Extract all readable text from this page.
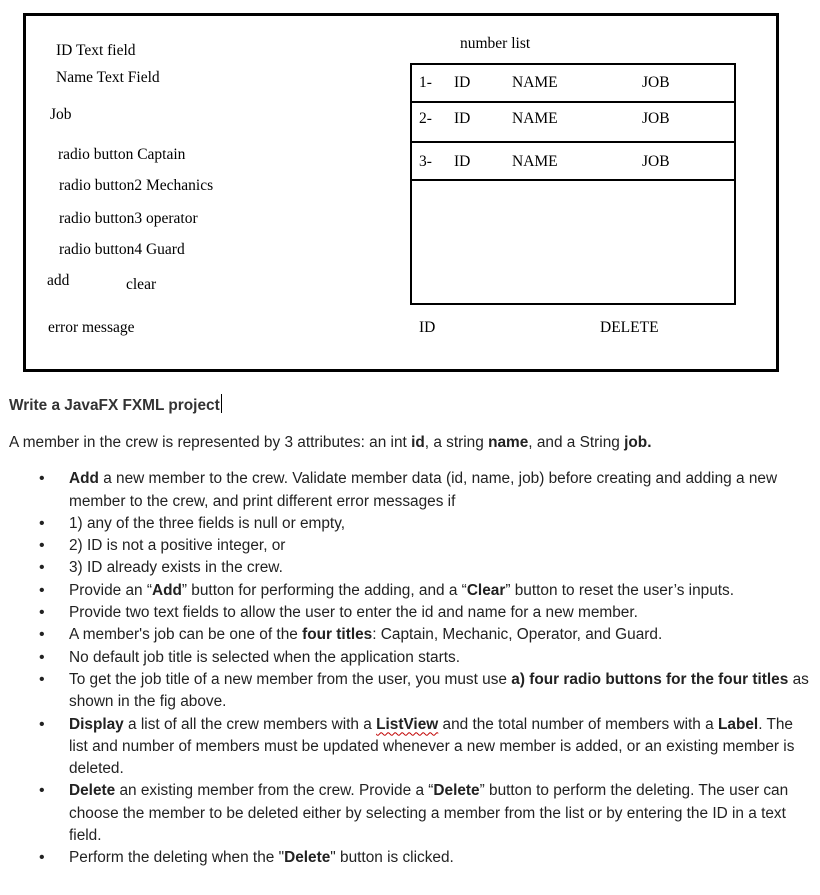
ID Text field
Name Text Field
Job
radio button Captain
radio button2 Mechanics
radio button3 operator
radio button4 Guard
add	clear
error message
number list
1- ID	NAME	JOB
2- ID	NAME	JOB
3- ID	NAME	JOB
ID	DELETE

Write a JavaFX FXML project

A member in the crew is represented by 3 attributes: an int id, a string name, and a String job.

• Add a new member to the crew. Validate member data (id, name, job) before creating and adding a new member to the crew, and print different error messages if
• 1) any of the three fields is null or empty,
• 2) ID is not a positive integer, or
• 3) ID already exists in the crew.
• Provide an “Add” button for performing the adding, and a “Clear” button to reset the user’s inputs.
• Provide two text fields to allow the user to enter the id and name for a new member.
• A member's job can be one of the four titles: Captain, Mechanic, Operator, and Guard.
• No default job title is selected when the application starts.
• To get the job title of a new member from the user, you must use a) four radio buttons for the four titles as shown in the fig above.
• Display a list of all the crew members with a ListView and the total number of members with a Label. The list and number of members must be updated whenever a new member is added, or an existing member is deleted.
• Delete an existing member from the crew. Provide a “Delete” button to perform the deleting. The user can choose the member to be deleted either by selecting a member from the list or by entering the ID in a text field.
• Perform the deleting when the "Delete" button is clicked.
